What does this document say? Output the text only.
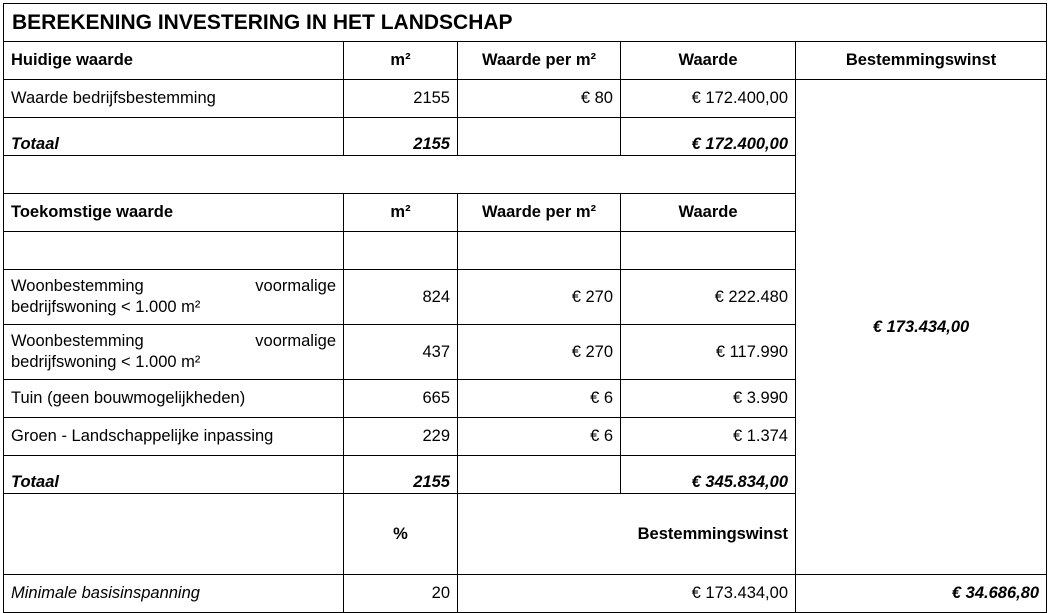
BEREKENING INVESTERING IN HET LANDSCHAP					
Huidige waarde	m²	Waarde per m²	Waarde	Bestemmingswinst	
Waarde bedrijfsbestemming	2155	€ 80	€ 172.400,00	€ 173.434,00	
Totaal	2155		€ 172.400,00		

Toekomstige waarde	m²	Waarde per m²	Waarde		

Woonbestemming voormalige bedrijfswoning < 1.000 m²	824	€ 270	€ 222.480		
Woonbestemming voormalige bedrijfswoning < 1.000 m²	437	€ 270	€ 117.990		
Tuin (geen bouwmogelijkheden)	665	€ 6	€ 3.990		
Groen - Landschappelijke inpassing	229	€ 6	€ 1.374		
Totaal	2155		€ 345.834,00		
	%	Bestemmingswinst	
Minimale basisinspanning	20	€ 173.434,00		€ 34.686,80	
